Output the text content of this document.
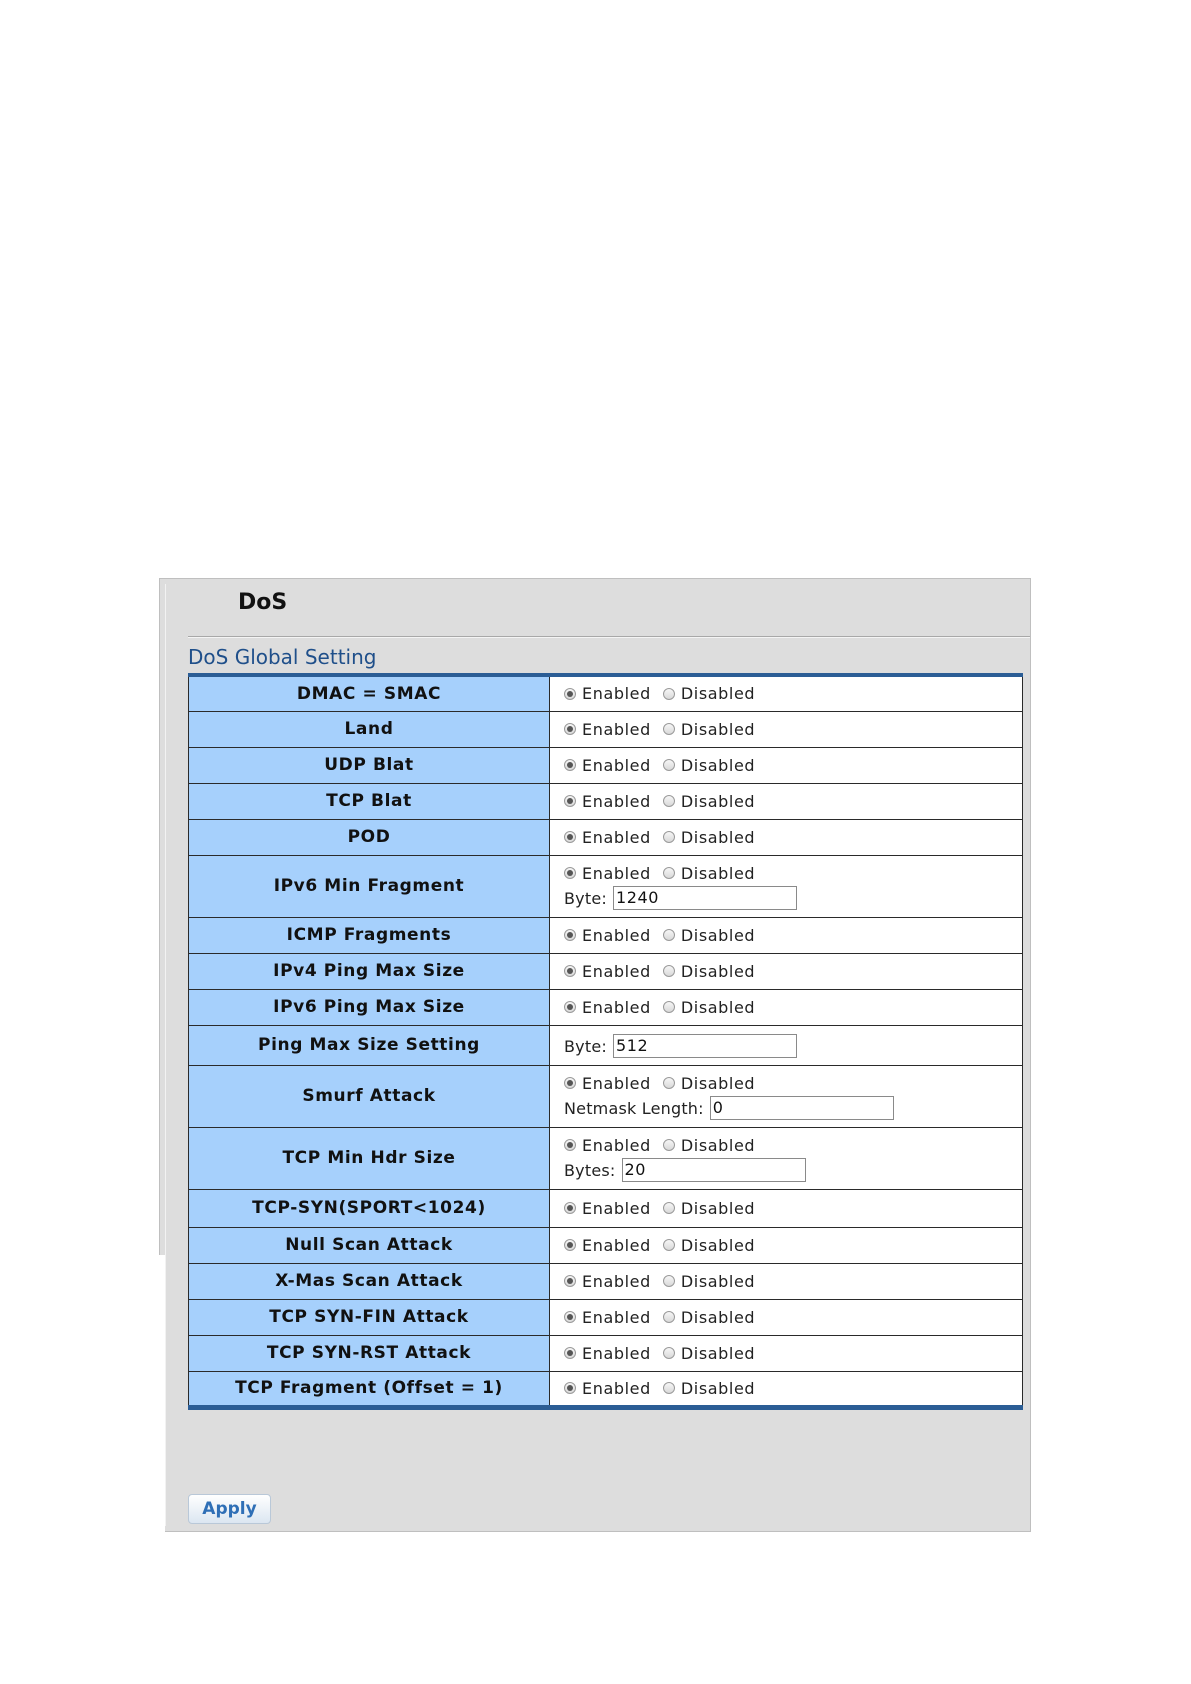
DoS
DoS Global Setting
DMAC = SMAC	Enabled Disabled

Land	Enabled Disabled

UDP Blat	Enabled Disabled

TCP Blat	Enabled Disabled

POD	Enabled Disabled

IPv6 Min Fragment	Enabled Disabled
Byte: 1240

ICMP Fragments	Enabled Disabled

IPv4 Ping Max Size	Enabled Disabled

IPv6 Ping Max Size	Enabled Disabled

Ping Max Size Setting	Byte: 512

Smurf Attack	Enabled Disabled
Netmask Length: 0

TCP Min Hdr Size	Enabled Disabled
Bytes: 20

TCP-SYN(SPORT<1024)	Enabled Disabled

Null Scan Attack	Enabled Disabled

X-Mas Scan Attack	Enabled Disabled

TCP SYN-FIN Attack	Enabled Disabled

TCP SYN-RST Attack	Enabled Disabled

TCP Fragment (Offset = 1)	Enabled Disabled
Apply
